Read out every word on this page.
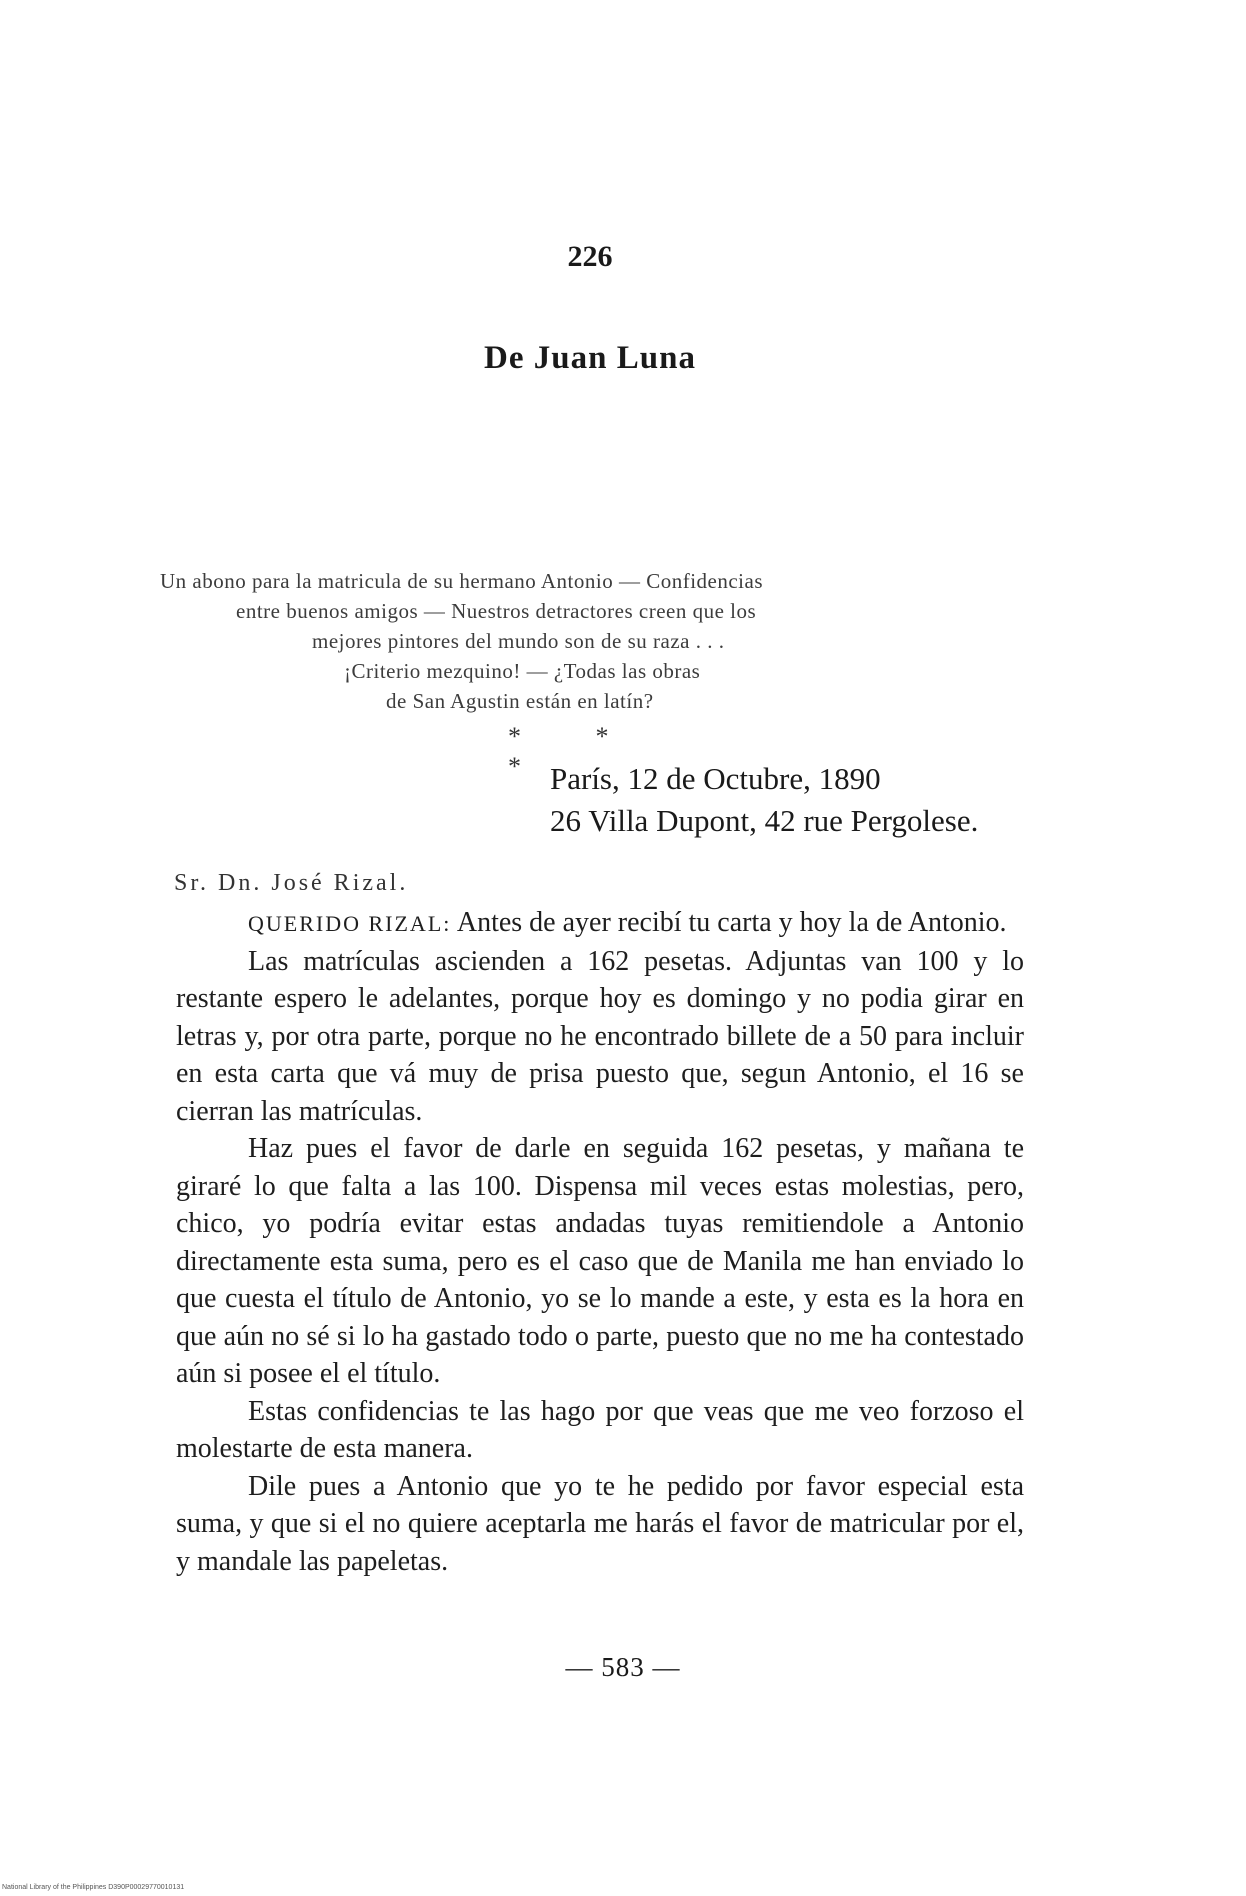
226
De Juan Luna
Un abono para la matricula de su hermano Antonio — Confidencias
entre buenos amigos — Nuestros detractores creen que los
mejores pintores del mundo son de su raza . . .
¡Criterio mezquino! — ¿Todas las obras
de San Agustin están en latín?
* * *
París, 12 de Octubre, 1890
26 Villa Dupont, 42 rue Pergolese.
Sr. Dn. José Rizal.

QUERIDO RIZAL: Antes de ayer recibí tu carta y hoy la de Antonio.

Las matrículas ascienden a 162 pesetas. Adjuntas van 100 y lo restante espero le adelantes, porque hoy es domingo y no podia girar en letras y, por otra parte, porque no he encontrado billete de a 50 para incluir en esta carta que vá muy de prisa puesto que, segun Antonio, el 16 se cierran las matrículas.

Haz pues el favor de darle en seguida 162 pesetas, y mañana te giraré lo que falta a las 100. Dispensa mil veces estas molestias, pero, chico, yo podría evitar estas andadas tuyas remitiendole a Antonio directamente esta suma, pero es el caso que de Manila me han enviado lo que cuesta el título de Antonio, yo se lo mande a este, y esta es la hora en que aún no sé si lo ha gastado todo o parte, puesto que no me ha contestado aún si posee el el título.

Estas confidencias te las hago por que veas que me veo forzoso el molestarte de esta manera.

Dile pues a Antonio que yo te he pedido por favor especial esta suma, y que si el no quiere aceptarla me harás el favor de matricular por el, y mandale las papeletas.

— 583 —
National Library of the Philippines D390P00029770010131
